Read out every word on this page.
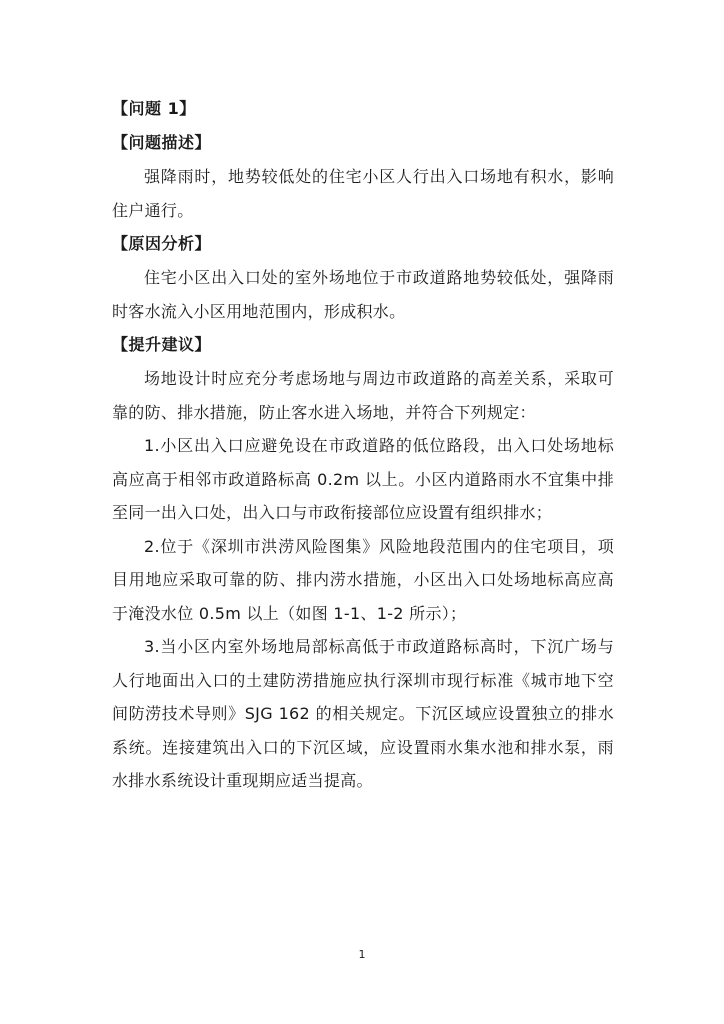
【问题 1】
【问题描述】

强降雨时，地势较低处的住宅小区人行出入口场地有积水，影响住户通行。

【原因分析】

住宅小区出入口处的室外场地位于市政道路地势较低处，强降雨时客水流入小区用地范围内，形成积水。

【提升建议】

场地设计时应充分考虑场地与周边市政道路的高差关系，采取可靠的防、排水措施，防止客水进入场地，并符合下列规定：

1.小区出入口应避免设在市政道路的低位路段，出入口处场地标高应高于相邻市政道路标高 0.2m 以上。小区内道路雨水不宜集中排至同一出入口处，出入口与市政衔接部位应设置有组织排水；

2.位于《深圳市洪涝风险图集》风险地段范围内的住宅项目，项目用地应采取可靠的防、排内涝水措施，小区出入口处场地标高应高于淹没水位 0.5m 以上（如图 1-1、1-2 所示）；

3.当小区内室外场地局部标高低于市政道路标高时，下沉广场与人行地面出入口的土建防涝措施应执行深圳市现行标准《城市地下空间防涝技术导则》SJG 162 的相关规定。下沉区域应设置独立的排水系统。连接建筑出入口的下沉区域，应设置雨水集水池和排水泵，雨水排水系统设计重现期应适当提高。

1
